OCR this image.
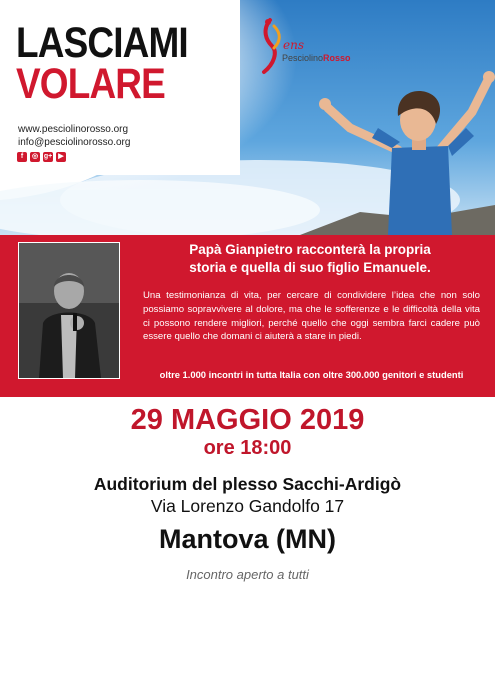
LASCIAMI
VOLARE
www.pesciolinorosso.org
info@pesciolinorosso.org
f	◎ g+ ▶
ens
PesciolinoRosso
Papà Gianpietro racconterà la propria
storia e quella di suo figlio Emanuele.
Una testimonianza di vita, per cercare di condividere l’idea che non solo possiamo sopravvivere al dolore, ma che le sofferenze e le difficoltà della vita ci possono rendere migliori, perché quello che oggi sembra farci cadere può essere quello che domani ci aiuterà a stare in piedi.
oltre 1.000 incontri in tutta Italia con oltre 300.000 genitori e studenti
29 MAGGIO 2019
ore 18:00
Auditorium del plesso Sacchi-Ardigò
Via Lorenzo Gandolfo 17
Mantova (MN)
Incontro aperto a tutti
